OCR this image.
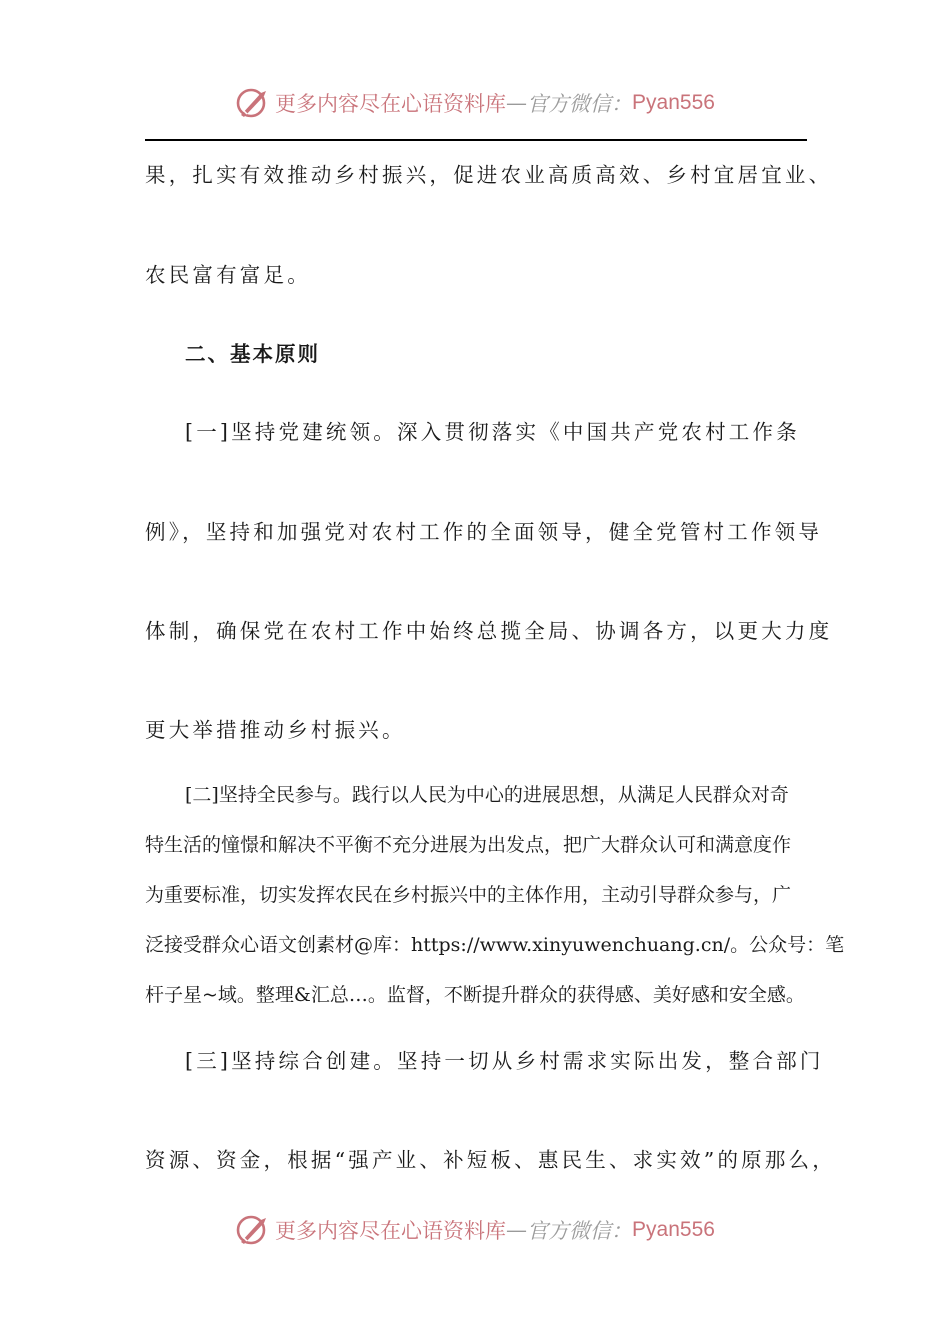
更多内容尽在心语资料库 — 官方微信： Pyan556
果，扎实有效推动乡村振兴，促进农业高质高效、乡村宜居宜业、
农民富有富足。
二、基本原则
[一]坚持党建统领。深入贯彻落实《中国共产党农村工作条
例》，坚持和加强党对农村工作的全面领导，健全党管村工作领导
体制，确保党在农村工作中始终总揽全局、协调各方，以更大力度
更大举措推动乡村振兴。
[二]坚持全民参与。践行以人民为中心的进展思想，从满足人民群众对奇
特生活的憧憬和解决不平衡不充分进展为出发点，把广大群众认可和满意度作
为重要标准，切实发挥农民在乡村振兴中的主体作用，主动引导群众参与，广
泛接受群众心语文创素材@库：https://www.xinyuwenchuang.cn/。公众号：笔
杆子星~域。整理&汇总…。监督，不断提升群众的获得感、美好感和安全感。
[三]坚持综合创建。坚持一切从乡村需求实际出发，整合部门
资源、资金，根据“强产业、补短板、惠民生、求实效”的原那么，
更多内容尽在心语资料库 — 官方微信： Pyan556
